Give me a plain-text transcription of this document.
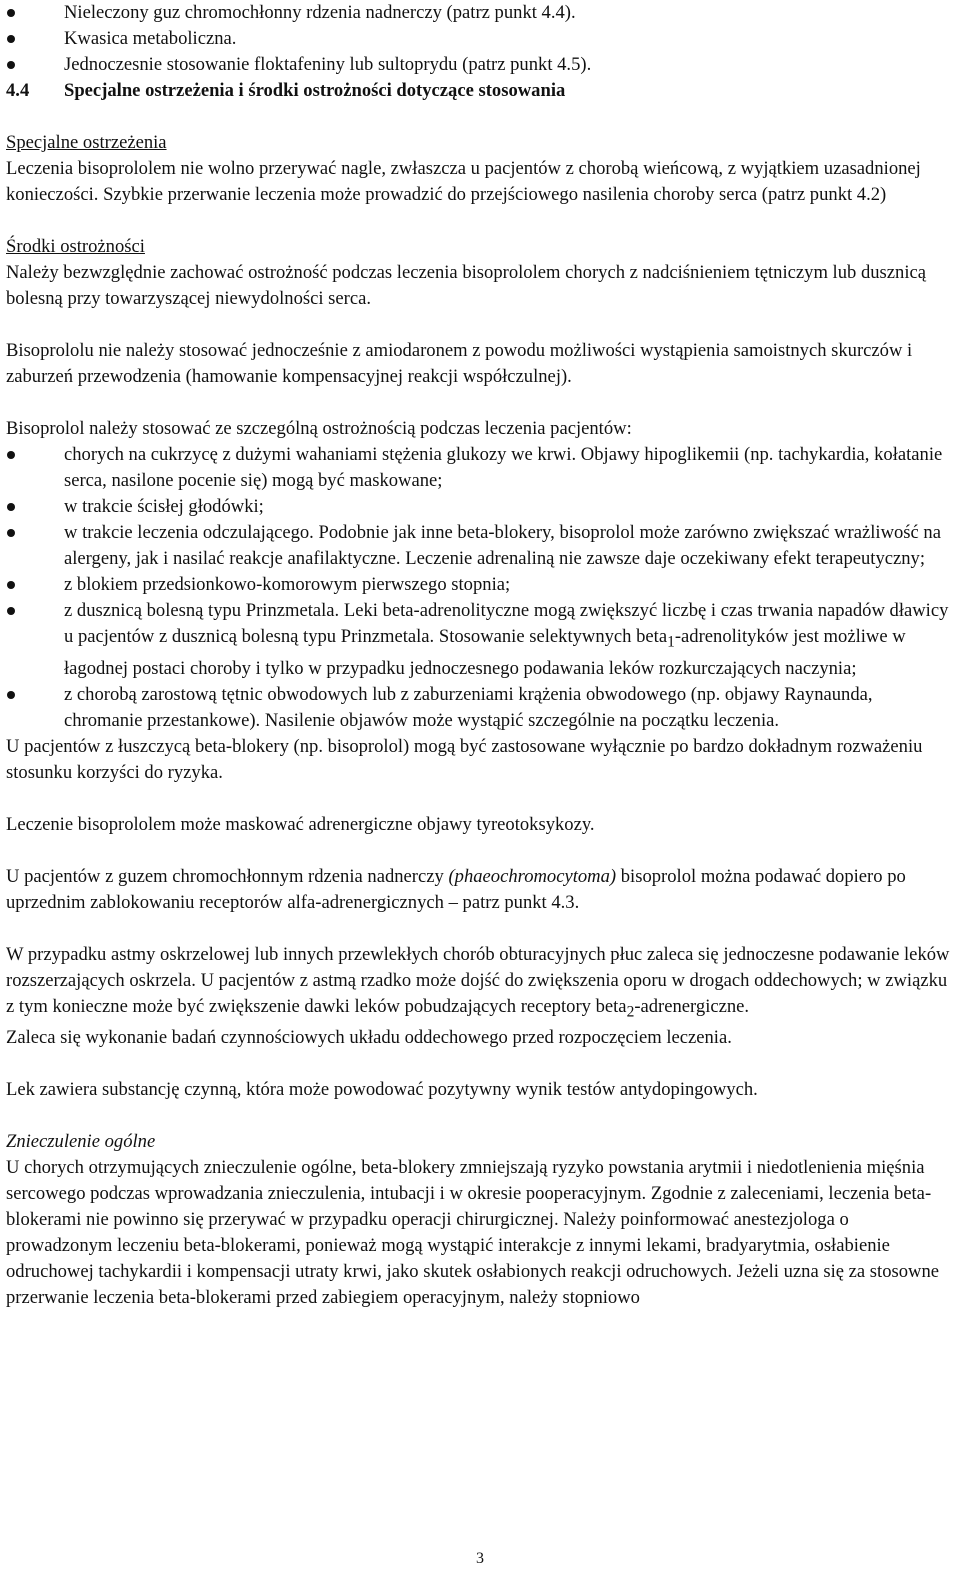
Nieleczony guz chromochłonny rdzenia nadnerczy (patrz punkt 4.4).
Kwasica metaboliczna.
Jednoczesnie stosowanie floktafeniny lub sultoprydu (patrz punkt 4.5).
4.4	Specjalne ostrzeżenia i środki ostrożności dotyczące stosowania

Specjalne ostrzeżenia

Leczenia bisoprololem nie wolno przerywać nagle, zwłaszcza u pacjentów z chorobą wieńcową, z wyjątkiem uzasadnionej konieczości. Szybkie przerwanie leczenia może prowadzić do przejściowego nasilenia choroby serca (patrz punkt 4.2)

Środki ostrożności

Należy bezwzględnie zachować ostrożność podczas leczenia bisoprololem chorych z nadciśnieniem tętniczym lub dusznicą bolesną przy towarzyszącej niewydolności serca.

Bisoprololu nie należy stosować jednocześnie z amiodaronem z powodu możliwości wystąpienia samoistnych skurczów i zaburzeń przewodzenia (hamowanie kompensacyjnej reakcji współczulnej).

Bisoprolol należy stosować ze szczególną ostrożnością podczas leczenia pacjentów:

chorych na cukrzycę z dużymi wahaniami stężenia glukozy we krwi. Objawy hipoglikemii (np. tachykardia, kołatanie serca, nasilone pocenie się) mogą być maskowane;
w trakcie ścisłej głodówki;
w trakcie leczenia odczulającego. Podobnie jak inne beta-blokery, bisoprolol może zarówno zwiększać wrażliwość na alergeny, jak i nasilać reakcje anafilaktyczne. Leczenie adrenaliną nie zawsze daje oczekiwany efekt terapeutyczny;
z blokiem przedsionkowo-komorowym pierwszego stopnia;
z dusznicą bolesną typu Prinzmetala. Leki beta-adrenolityczne mogą zwiększyć liczbę i czas trwania napadów dławicy u pacjentów z dusznicą bolesną typu Prinzmetala. Stosowanie selektywnych beta$_1$-adrenolityków jest możliwe w łagodnej postaci choroby i tylko w przypadku jednoczesnego podawania leków rozkurczających naczynia;
z chorobą zarostową tętnic obwodowych lub z zaburzeniami krążenia obwodowego (np. objawy Raynaunda, chromanie przestankowe). Nasilenie objawów może wystąpić szczególnie na początku leczenia.

U pacjentów z łuszczycą beta-blokery (np. bisoprolol) mogą być zastosowane wyłącznie po bardzo dokładnym rozważeniu stosunku korzyści do ryzyka.

Leczenie bisoprololem może maskować adrenergiczne objawy tyreotoksykozy.

U pacjentów z guzem chromochłonnym rdzenia nadnerczy (phaeochromocytoma) bisoprolol można podawać dopiero po uprzednim zablokowaniu receptorów alfa-adrenergicznych – patrz punkt 4.3.

W przypadku astmy oskrzelowej lub innych przewlekłych chorób obturacyjnych płuc zaleca się jednoczesne podawanie leków rozszerzających oskrzela. U pacjentów z astmą rzadko może dojść do zwiększenia oporu w drogach oddechowych; w związku z tym konieczne może być zwiększenie dawki leków pobudzających receptory beta$_2$-adrenergiczne.

Zaleca się wykonanie badań czynnościowych układu oddechowego przed rozpoczęciem leczenia.

Lek zawiera substancję czynną, która może powodować pozytywny wynik testów antydopingowych.

Znieczulenie ogólne

U chorych otrzymujących znieczulenie ogólne, beta-blokery zmniejszają ryzyko powstania arytmii i niedotlenienia mięśnia sercowego podczas wprowadzania znieczulenia, intubacji i w okresie pooperacyjnym. Zgodnie z zaleceniami, leczenia beta-blokerami nie powinno się przerywać w przypadku operacji chirurgicznej. Należy poinformować anestezjologa o prowadzonym leczeniu beta-blokerami, ponieważ mogą wystąpić interakcje z innymi lekami, bradyarytmia, osłabienie odruchowej tachykardii i kompensacji utraty krwi, jako skutek osłabionych reakcji odruchowych. Jeżeli uzna się za stosowne przerwanie leczenia beta-blokerami przed zabiegiem operacyjnym, należy stopniowo

3
